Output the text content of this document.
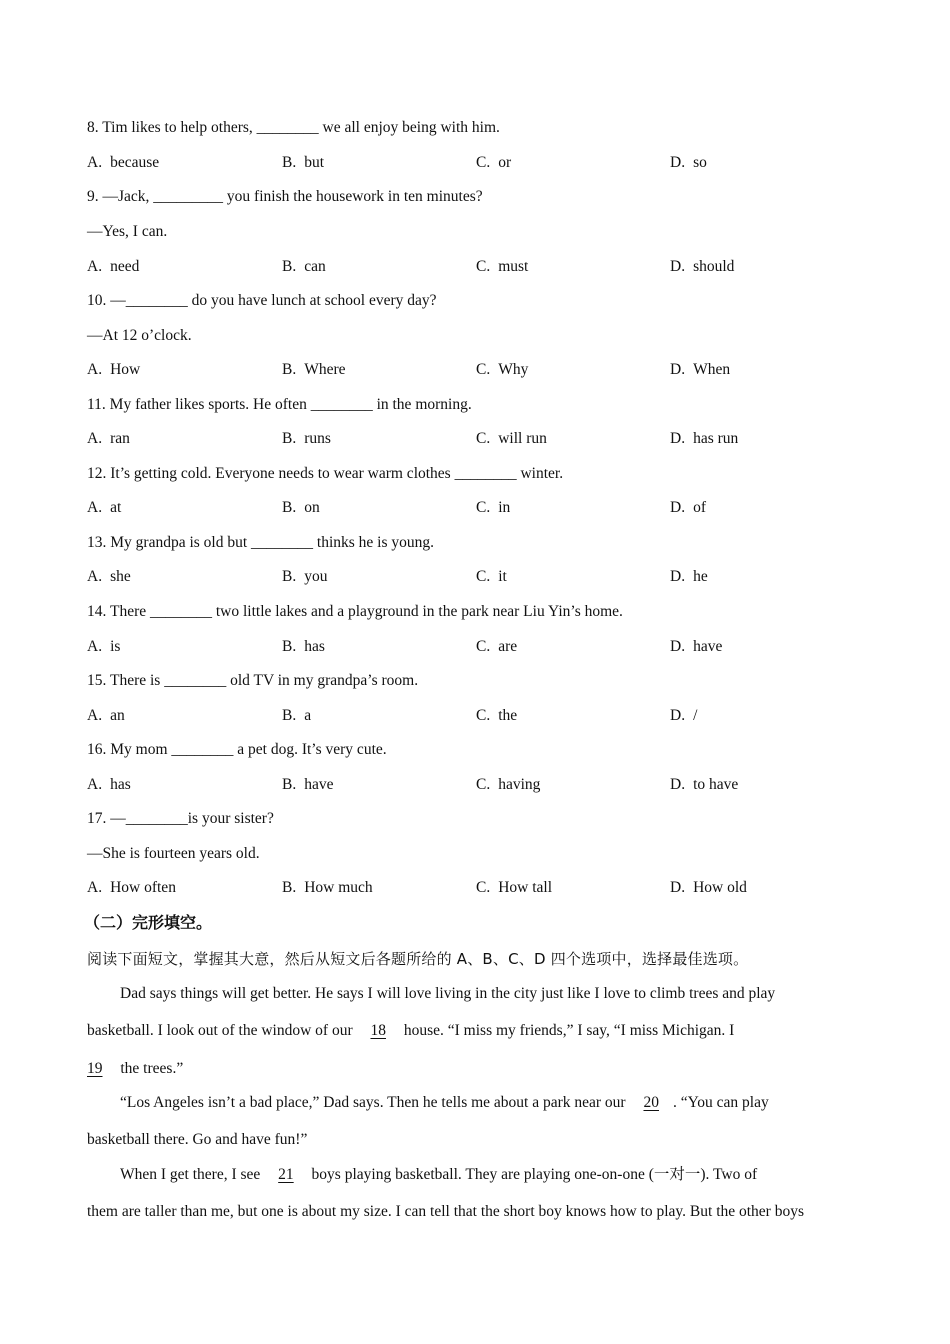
8. Tim likes to help others, ________ we all enjoy being with him.
A. because	B. but	C. or	D. so
9. —Jack, _________ you finish the housework in ten minutes?
—Yes, I can.
A. need	B. can	C. must	D. should
10. —________ do you have lunch at school every day?
—At 12 o’clock.
A. How	B. Where	C. Why	D. When
11. My father likes sports. He often ________ in the morning.
A. ran	B. runs	C. will run	D. has run
12. It’s getting cold. Everyone needs to wear warm clothes ________ winter.
A. at	B. on	C. in	D. of
13. My grandpa is old but ________ thinks he is young.
A. she	B. you	C. it	D. he
14. There ________ two little lakes and a playground in the park near Liu Yin’s home.
A. is	B. has	C. are	D. have
15. There is ________ old TV in my grandpa’s room.
A. an	B. a	C. the	D. /
16. My mom ________ a pet dog. It’s very cute.
A. has	B. have	C. having	D. to have
17. —________is your sister?
—She is fourteen years old.
A. How often	B. How much	C. How tall	D. How old
（二）完形填空。
阅读下面短文，掌握其大意，然后从短文后各题所给的 A、B、C、D 四个选项中，选择最佳选项。
Dad says things will get better. He says I will love living in the city just like I love to climb trees and play
basketball. I look out of the window of our 18 house. “I miss my friends,” I say, “I miss Michigan. I
19 the trees.”
“Los Angeles isn’t a bad place,” Dad says. Then he tells me about a park near our 20 . “You can play
basketball there. Go and have fun!”
When I get there, I see 21 boys playing basketball. They are playing one-on-one (一对一). Two of
them are taller than me, but one is about my size. I can tell that the short boy knows how to play. But the other boys
